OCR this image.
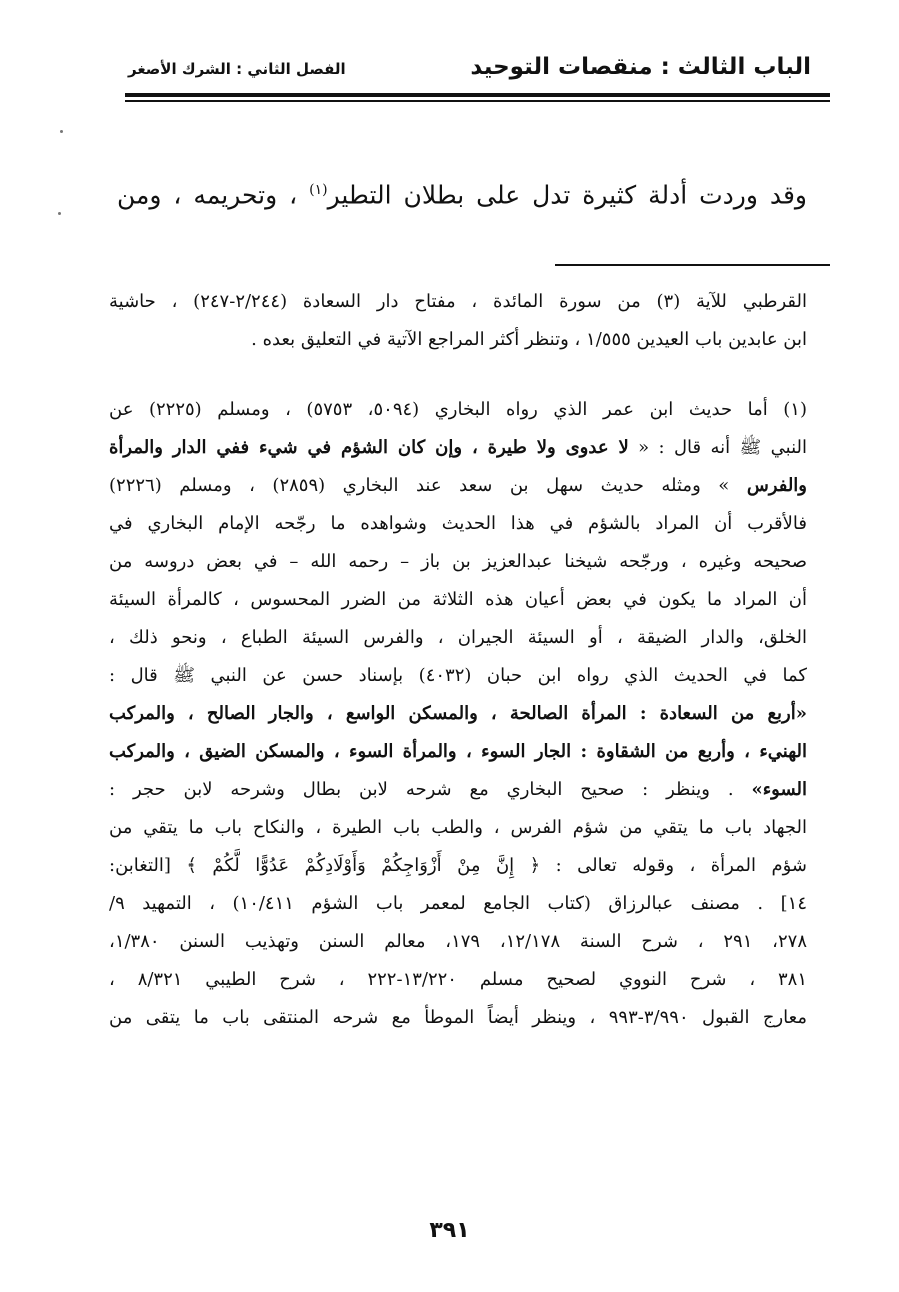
الباب الثالث : منقصات التوحيد
الفصل الثاني : الشرك الأصغر
وقد وردت أدلة كثيرة تدل على بطلان التطير$^{(١)}$ ، وتحريمه ، ومن
القرطبي للآية (٣) من سورة المائدة ، مفتاح دار السعادة (٢/٢٤٤-٢٤٧) ، حاشية
ابن عابدين باب العيدين ١/٥٥٥ ، وتنظر أكثر المراجع الآتية في التعليق بعده .
(١) أما حديث ابن عمر الذي رواه البخاري (٥٠٩٤، ٥٧٥٣) ، ومسلم (٢٢٢٥) عن
النبي ﷺ أنه قال : « لا عدوى ولا طيرة ، وإن كان الشؤم في شيء ففي الدار والمرأة
والفرس » ومثله حديث سهل بن سعد عند البخاري (٢٨٥٩) ، ومسلم (٢٢٢٦)
فالأقرب أن المراد بالشؤم في هذا الحديث وشواهده ما رجّحه الإمام البخاري في
صحيحه وغيره ، ورجّحه شيخنا عبدالعزيز بن باز – رحمه الله – في بعض دروسه من
أن المراد ما يكون في بعض أعيان هذه الثلاثة من الضرر المحسوس ، كالمرأة السيئة
الخلق، والدار الضيقة ، أو السيئة الجيران ، والفرس السيئة الطباع ، ونحو ذلك ،
كما في الحديث الذي رواه ابن حبان (٤٠٣٢) بإسناد حسن عن النبي ﷺ قال :
«أربع من السعادة : المرأة الصالحة ، والمسكن الواسع ، والجار الصالح ، والمركب
الهنيء ، وأربع من الشقاوة : الجار السوء ، والمرأة السوء ، والمسكن الضيق ، والمركب
السوء» . وينظر : صحيح البخاري مع شرحه لابن بطال وشرحه لابن حجر :
الجهاد باب ما يتقي من شؤم الفرس ، والطب باب الطيرة ، والنكاح باب ما يتقي من
شؤم المرأة ، وقوله تعالى : ﴿ إِنَّ مِنْ أَزْوَاجِكُمْ وَأَوْلَادِكُمْ عَدُوًّا لَّكُمْ ﴾ [التغابن:
١٤] . مصنف عبالرزاق (كتاب الجامع لمعمر باب الشؤم ١٠/٤١١) ، التمهيد ٩/
٢٧٨، ٢٩١ ، شرح السنة ١٢/١٧٨، ١٧٩، معالم السنن وتهذيب السنن ١/٣٨٠،
٣٨١ ، شرح النووي لصحيح مسلم ١٣/٢٢٠-٢٢٢ ، شرح الطيبي ٨/٣٢١ ،
معارج القبول ٣/٩٩٠-٩٩٣ ، وينظر أيضاً الموطأ مع شرحه المنتقى باب ما يتقى من
٣٩١
